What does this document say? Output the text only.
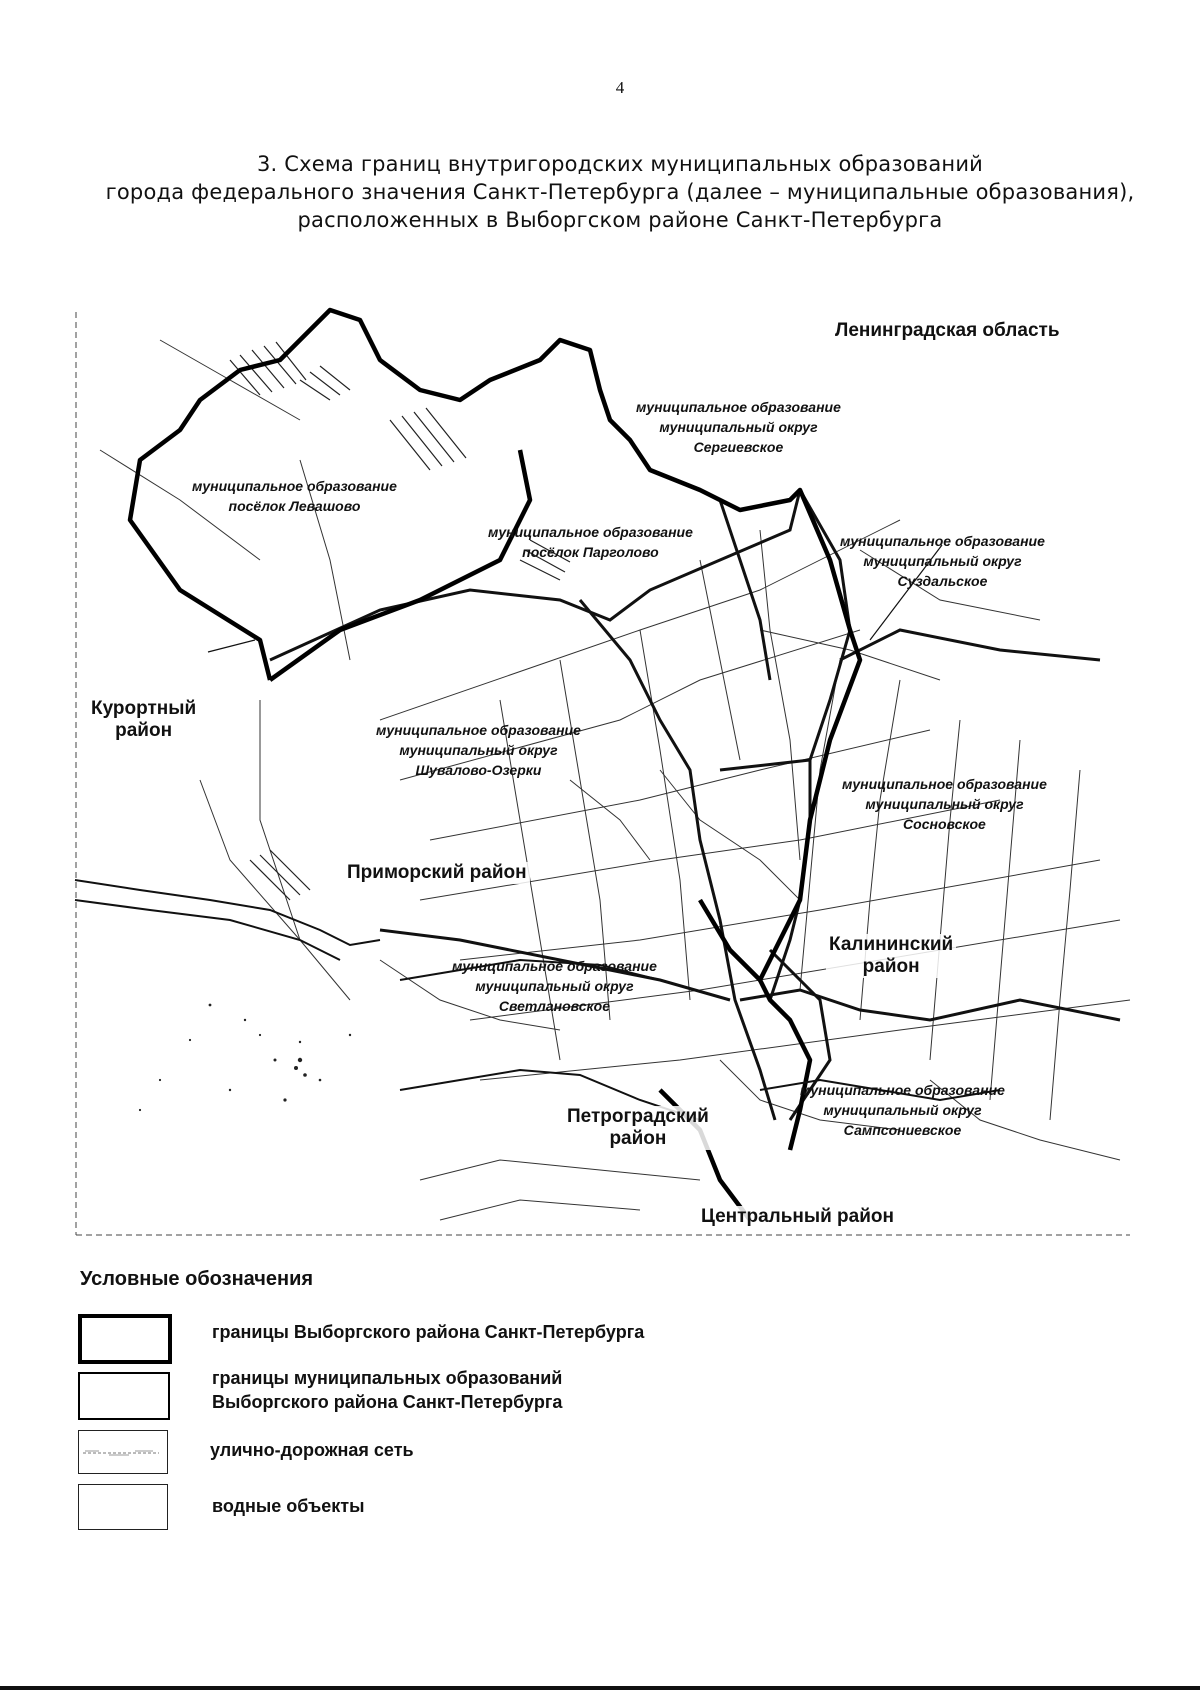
4
3. Схема границ внутригородских муниципальных образований
города федерального значения Санкт-Петербурга (далее – муниципальные образования),
расположенных в Выборгском районе Санкт-Петербурга
Ленинградская область
муниципальное образование
муниципальный округ
Сергиевское
муниципальное образование
муниципальный округ
Суздальское
муниципальное образование
посёлок Левашово
муниципальное образование
посёлок Парголово
Курортный
район	муниципальное образование
муниципальный округ
Шувалово-Озерки
муниципальное образование
муниципальный округ
Сосновское
Приморский район
Калининский
район
муниципальное образование
муниципальный округ
Светлановское
муниципальное образование
муниципальный округ
Сампсониевское
Петроградский
район
Центральный район
Условные обозначения
границы Выборгского района Санкт-Петербурга
границы муниципальных образований
Выборгского района Санкт-Петербурга
улично-дорожная сеть
водные объекты
